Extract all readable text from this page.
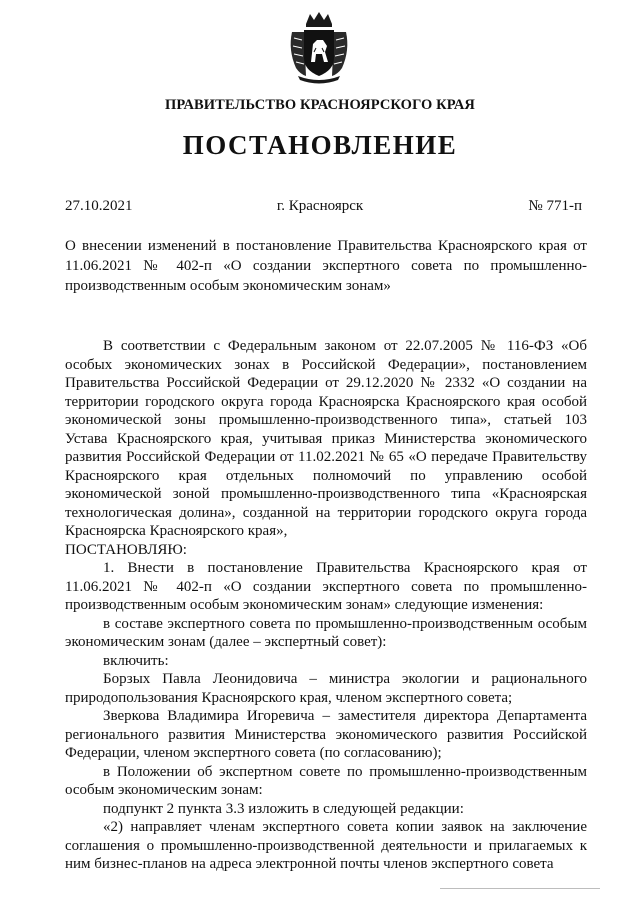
ПРАВИТЕЛЬСТВО КРАСНОЯРСКОГО КРАЯ
ПОСТАНОВЛЕНИЕ
27.10.2021	г. Красноярск	№ 771-п
О внесении изменений в постановление Правительства Красноярского края от 11.06.2021 № 402-п «О создании экспертного совета по промышленно-производственным особым экономическим зонам»

В соответствии с Федеральным законом от 22.07.2005 № 116-ФЗ «Об особых экономических зонах в Российской Федерации», постановлением Правительства Российской Федерации от 29.12.2020 № 2332 «О создании на территории городского округа города Красноярска Красноярского края особой экономической зоны промышленно-производственного типа», статьей 103 Устава Красноярского края, учитывая приказ Министерства экономического развития Российской Федерации от 11.02.2021 № 65 «О передаче Правительству Красноярского края отдельных полномочий по управлению особой экономической зоной промышленно-производственного типа «Красноярская технологическая долина», созданной на территории городского округа города Красноярска Красноярского края»,

ПОСТАНОВЛЯЮ:

1. Внести в постановление Правительства Красноярского края от 11.06.2021 № 402-п «О создании экспертного совета по промышленно-производственным особым экономическим зонам» следующие изменения:

в составе экспертного совета по промышленно-производственным особым экономическим зонам (далее – экспертный совет):

включить:

Борзых Павла Леонидовича – министра экологии и рационального природопользования Красноярского края, членом экспертного совета;

Зверкова Владимира Игоревича – заместителя директора Департамента регионального развития Министерства экономического развития Российской Федерации, членом экспертного совета (по согласованию);

в Положении об экспертном совете по промышленно-производственным особым экономическим зонам:

подпункт 2 пункта 3.3 изложить в следующей редакции:

«2) направляет членам экспертного совета копии заявок на заключение соглашения о промышленно-производственной деятельности и прилагаемых к ним бизнес-планов на адреса электронной почты членов экспертного совета
